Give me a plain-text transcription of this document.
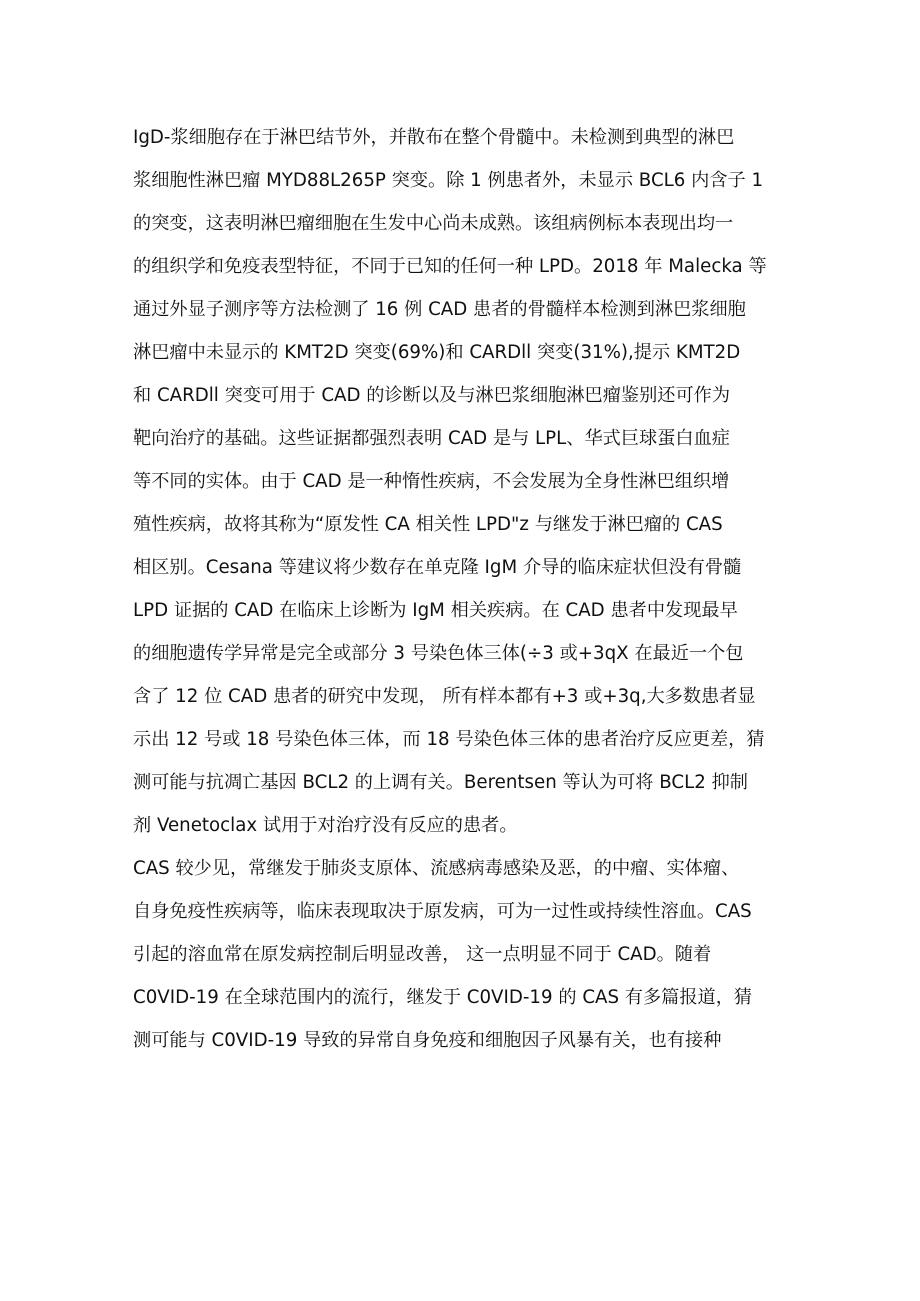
IgD-浆细胞存在于淋巴结节外，并散布在整个骨髓中。未检测到典型的淋巴
浆细胞性淋巴瘤 MYD88L265P 突变。除 1 例患者外，未显示 BCL6 内含子 1
的突变，这表明淋巴瘤细胞在生发中心尚未成熟。该组病例标本表现出均一
的组织学和免疫表型特征，不同于已知的任何一种 LPD。2018 年 Malecka 等
通过外显子测序等方法检测了 16 例 CAD 患者的骨髓样本检测到淋巴浆细胞
淋巴瘤中未显示的 KMT2D 突变(69%)和 CARDll 突变(31%),提示 KMT2D
和 CARDll 突变可用于 CAD 的诊断以及与淋巴浆细胞淋巴瘤鉴别还可作为
靶向治疗的基础。这些证据都强烈表明 CAD 是与 LPL、华式巨球蛋白血症
等不同的实体。由于 CAD 是一种惰性疾病，不会发展为全身性淋巴组织增
殖性疾病，故将其称为“原发性 CA 相关性 LPD"z 与继发于淋巴瘤的 CAS
相区别。Cesana 等建议将少数存在单克隆 IgM 介导的临床症状但没有骨髓
LPD 证据的 CAD 在临床上诊断为 IgM 相关疾病。在 CAD 患者中发现最早
的细胞遗传学异常是完全或部分 3 号染色体三体(÷3 或+3qX 在最近一个包
含了 12 位 CAD 患者的研究中发现， 所有样本都有+3 或+3q,大多数患者显
示出 12 号或 18 号染色体三体，而 18 号染色体三体的患者治疗反应更差，猜
测可能与抗凋亡基因 BCL2 的上调有关。Berentsen 等认为可将 BCL2 抑制
剂 Venetoclax 试用于对治疗没有反应的患者。
CAS 较少见，常继发于肺炎支原体、流感病毒感染及恶，的中瘤、实体瘤、
自身免疫性疾病等，临床表现取决于原发病，可为一过性或持续性溶血。CAS
引起的溶血常在原发病控制后明显改善， 这一点明显不同于 CAD。随着
C0VID-19 在全球范围内的流行，继发于 C0VID-19 的 CAS 有多篇报道，猜
测可能与 C0VID-19 导致的异常自身免疫和细胞因子风暴有关，也有接种
